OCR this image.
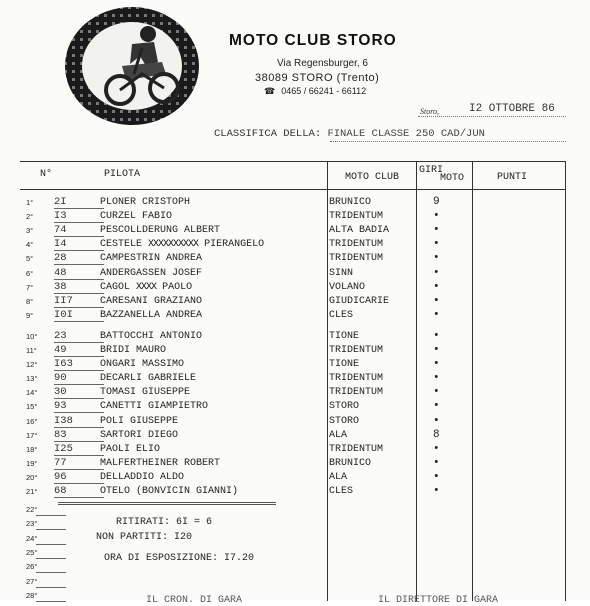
MOTO CLUB STORO
Via Regensburger, 6
38089 STORO (Trento)
☎ 0465 / 66241 - 66112
Storo,	I2 OTTOBRE 86
CLASSIFICA DELLA: FINALE CLASSE 250 CAD/JUN
N°	PILOTA	MOTO CLUB
GIRI
MOTO	PUNTI
1° 2I	PLONER CRISTOPH	BRUNICO	9
2° I3	CURZEL FABIO	TRIDENTUM	•
3° 74	PESCOLLDERUNG ALBERT	ALTA BADIA	•
4° I4	CESTELE XXXXXXXXXX PIERANGELO	TRIDENTUM	•
5° 28	CAMPESTRIN ANDREA	TRIDENTUM	•
6° 48	ANDERGASSEN JOSEF	SINN	•
7° 38	CAGOL XXXX PAOLO	VOLANO	•
8° II7	CARESANI GRAZIANO	GIUDICARIE	•
9° I0I	BAZZANELLA ANDREA	CLES	•
10° 23	BATTOCCHI ANTONIO	TIONE	•
11° 49	BRIDI MAURO	TRIDENTUM	•
12° I63	ONGARI MASSIMO	TIONE	•
13° 90	DECARLI GABRIELE	TRIDENTUM	•
14° 30	TOMASI GIUSEPPE	TRIDENTUM	•
15° 93	CANETTI GIAMPIETRO	STORO	•
16° I38	POLI GIUSEPPE	STORO	•
17° 83	SARTORI DIEGO	ALA	8
18° I25	PAOLI ELIO	TRIDENTUM	•
19° 77	MALFERTHEINER ROBERT	BRUNICO	•
20° 96	DELLADDIO ALDO	ALA	•
21° 68	OTELO (BONVICIN GIANNI)	CLES	•
22°
23°
24°
25°
26°
27°
28°
RITIRATI: 6I = 6
NON PARTITI: I20
ORA DI ESPOSIZIONE: I7.20
IL CRON. DI GARA	IL DIRETTORE DI GARA
